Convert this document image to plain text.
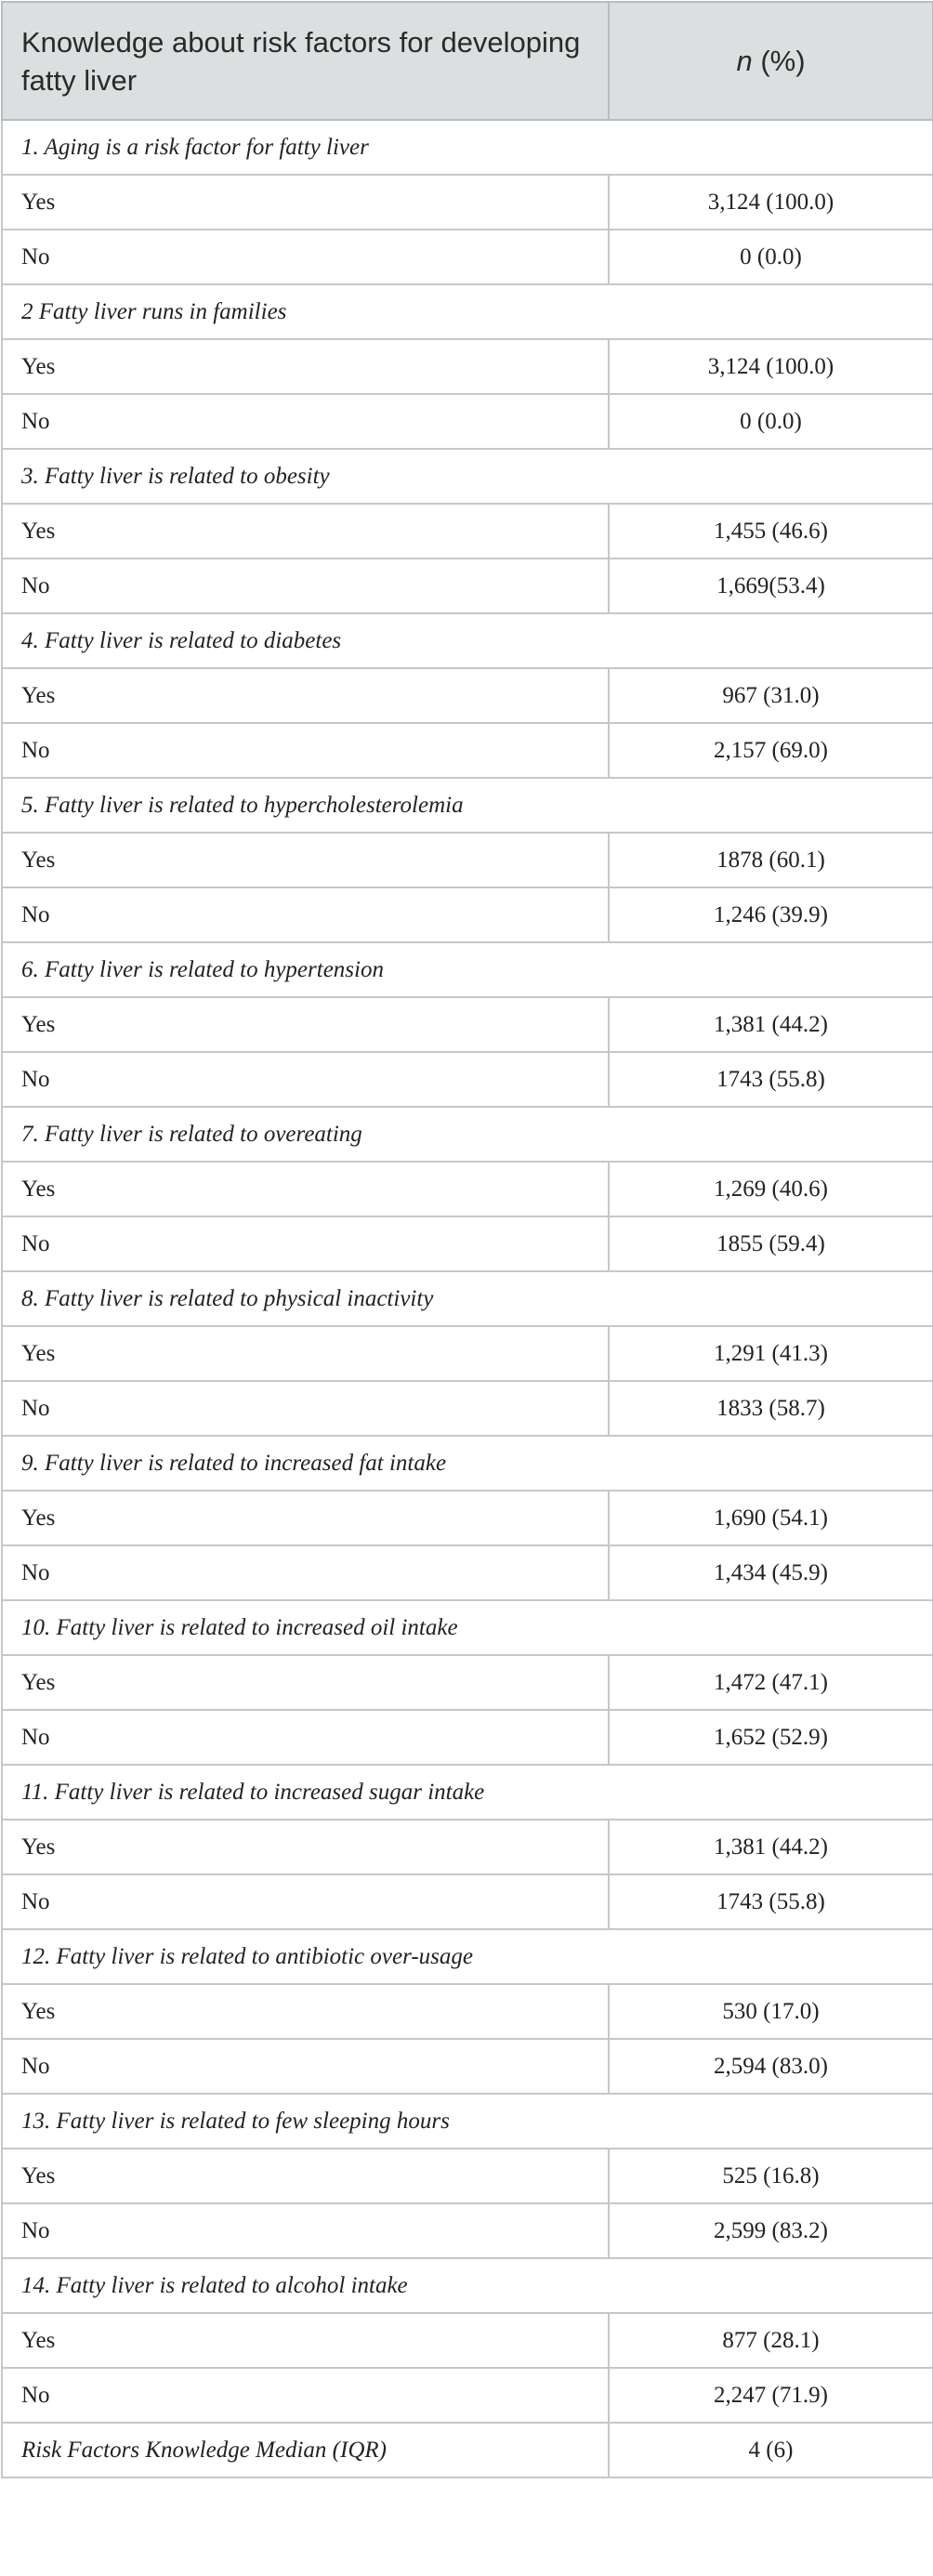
Knowledge about risk factors for developing fatty liver	n (%)
1. Aging is a risk factor for fatty liver	
Yes	3,124 (100.0)
No	0 (0.0)
2 Fatty liver runs in families	
Yes	3,124 (100.0)
No	0 (0.0)
3. Fatty liver is related to obesity	
Yes	1,455 (46.6)
No	1,669(53.4)
4. Fatty liver is related to diabetes	
Yes	967 (31.0)
No	2,157 (69.0)
5. Fatty liver is related to hypercholesterolemia	
Yes	1878 (60.1)
No	1,246 (39.9)
6. Fatty liver is related to hypertension	
Yes	1,381 (44.2)
No	1743 (55.8)
7. Fatty liver is related to overeating	
Yes	1,269 (40.6)
No	1855 (59.4)
8. Fatty liver is related to physical inactivity	
Yes	1,291 (41.3)
No	1833 (58.7)
9. Fatty liver is related to increased fat intake	
Yes	1,690 (54.1)
No	1,434 (45.9)
10. Fatty liver is related to increased oil intake	
Yes	1,472 (47.1)
No	1,652 (52.9)
11. Fatty liver is related to increased sugar intake	
Yes	1,381 (44.2)
No	1743 (55.8)
12. Fatty liver is related to antibiotic over-usage	
Yes	530 (17.0)
No	2,594 (83.0)
13. Fatty liver is related to few sleeping hours	
Yes	525 (16.8)
No	2,599 (83.2)
14. Fatty liver is related to alcohol intake	
Yes	877 (28.1)
No	2,247 (71.9)
Risk Factors Knowledge Median (IQR)	4 (6)
